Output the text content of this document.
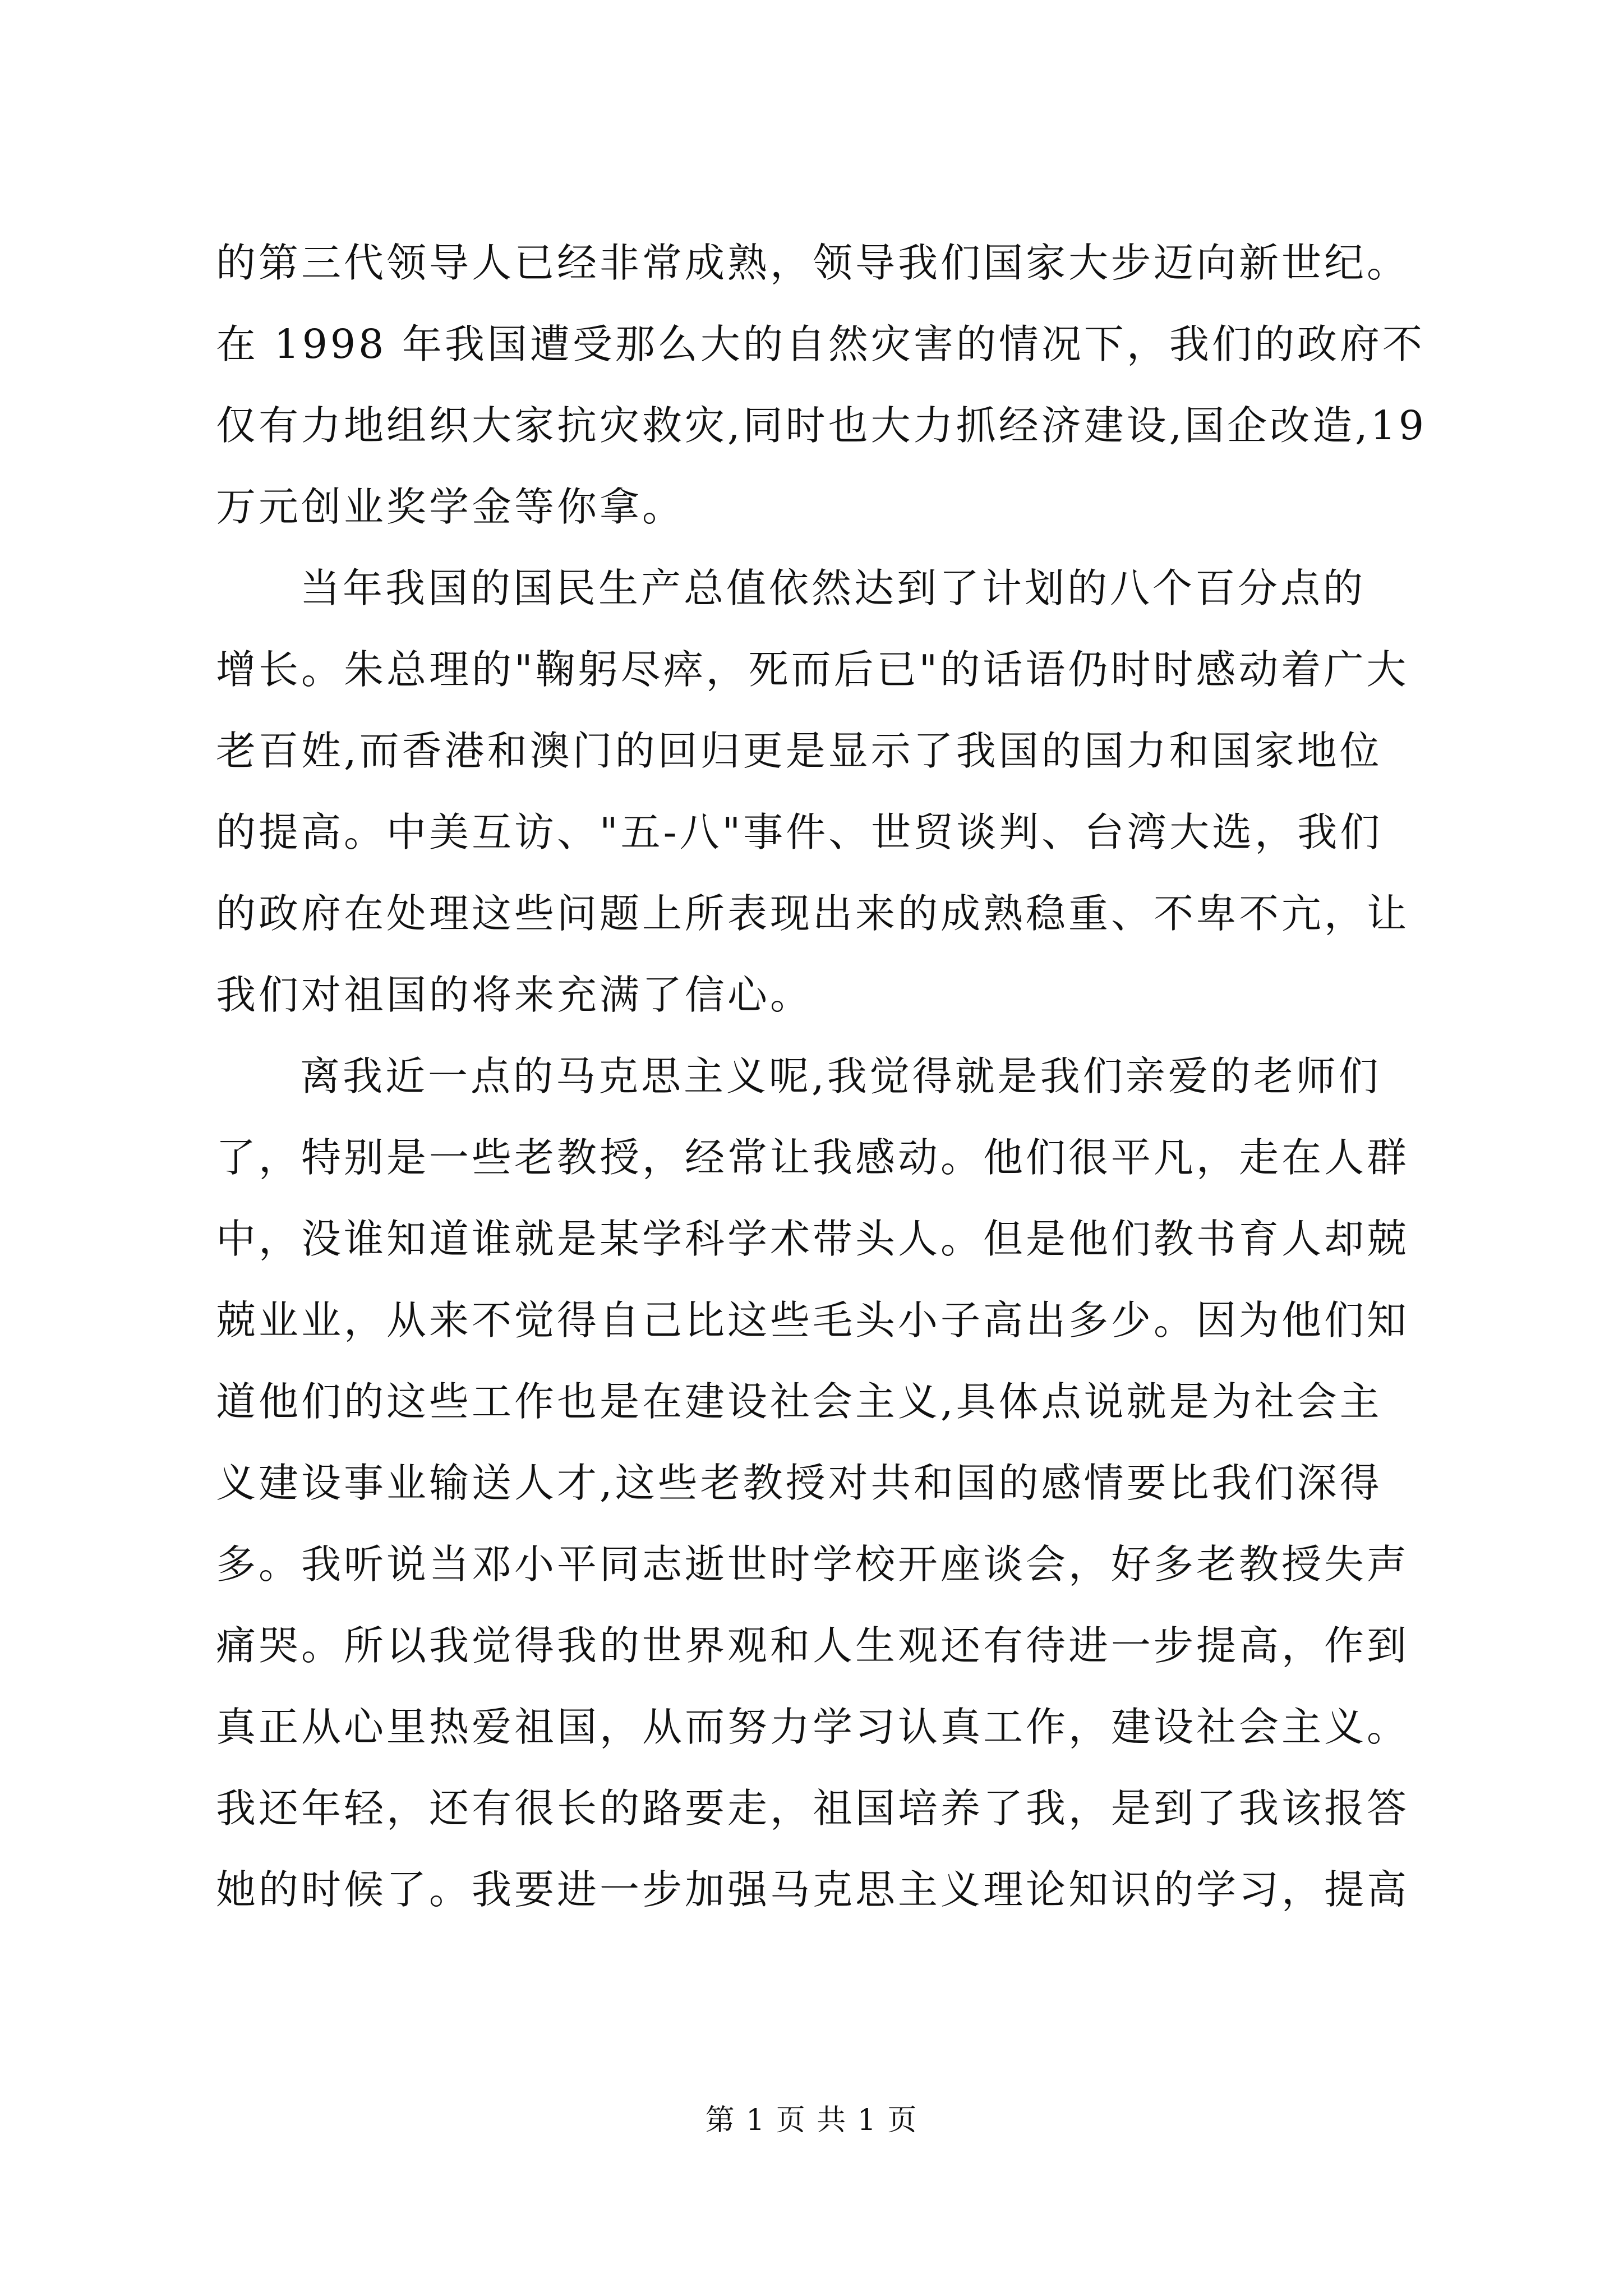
的第三代领导人已经非常成熟，领导我们国家大步迈向新世纪。
在 1998 年我国遭受那么大的自然灾害的情况下，我们的政府不
仅有力地组织大家抗灾救灾,同时也大力抓经济建设,国企改造,19
万元创业奖学金等你拿。
当年我国的国民生产总值依然达到了计划的八个百分点的
增长。朱总理的"鞠躬尽瘁，死而后已"的话语仍时时感动着广大
老百姓,而香港和澳门的回归更是显示了我国的国力和国家地位
的提高。中美互访、"五-八"事件、世贸谈判、台湾大选，我们
的政府在处理这些问题上所表现出来的成熟稳重、不卑不亢，让
我们对祖国的将来充满了信心。
离我近一点的马克思主义呢,我觉得就是我们亲爱的老师们
了，特别是一些老教授，经常让我感动。他们很平凡，走在人群
中，没谁知道谁就是某学科学术带头人。但是他们教书育人却兢
兢业业，从来不觉得自己比这些毛头小子高出多少。因为他们知
道他们的这些工作也是在建设社会主义,具体点说就是为社会主
义建设事业输送人才,这些老教授对共和国的感情要比我们深得
多。我听说当邓小平同志逝世时学校开座谈会，好多老教授失声
痛哭。所以我觉得我的世界观和人生观还有待进一步提高，作到
真正从心里热爱祖国，从而努力学习认真工作，建设社会主义。
我还年轻，还有很长的路要走，祖国培养了我，是到了我该报答
她的时候了。我要进一步加强马克思主义理论知识的学习，提高
第 1 页 共 1 页
